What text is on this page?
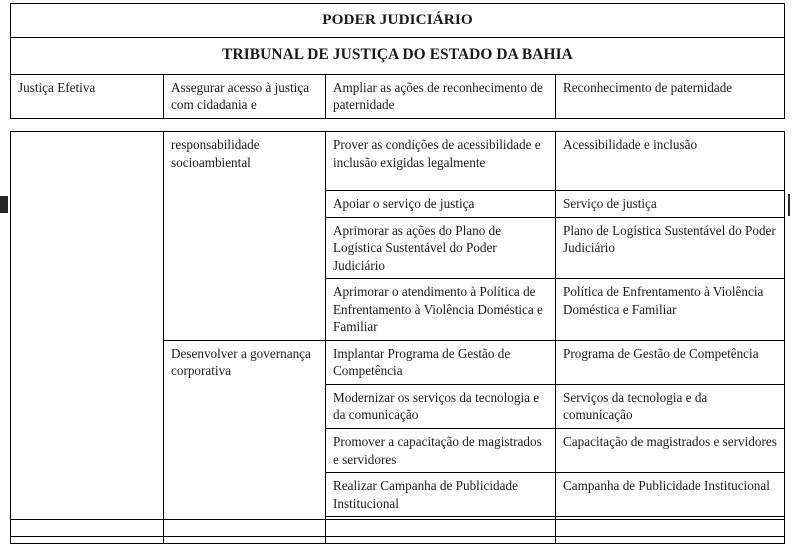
PODER JUDICIÁRIO
TRIBUNAL DE JUSTIÇA DO ESTADO DA BAHIA
Justiça Efetiva	Assegurar acesso à justiça com cidadania e	Ampliar as ações de reconhecimento de paternidade	Reconhecimento de paternidade
	responsabilidade socioambiental	Prover as condições de acessibilidade e inclusão exigidas legalmente	Acessibilidade e inclusão
		Apoiar o serviço de justiça	Serviço de justiça
		Aprimorar as ações do Plano de Logística Sustentável do Poder Judiciário	Plano de Logística Sustentável do Poder Judiciário
		Aprimorar o atendimento à Política de Enfrentamento à Violência Doméstica e Familiar	Política de Enfrentamento à Violência Doméstica e Familiar
	Desenvolver a governança corporativa	Implantar Programa de Gestão de Competência	Programa de Gestão de Competência
		Modernizar os serviços da tecnologia e da comunicação	Serviços da tecnologia e da comunicação
		Promover a capacitação de magistrados e servidores	Capacitação de magistrados e servidores
		Realizar Campanha de Publicidade Institucional	Campanha de Publicidade Institucional
